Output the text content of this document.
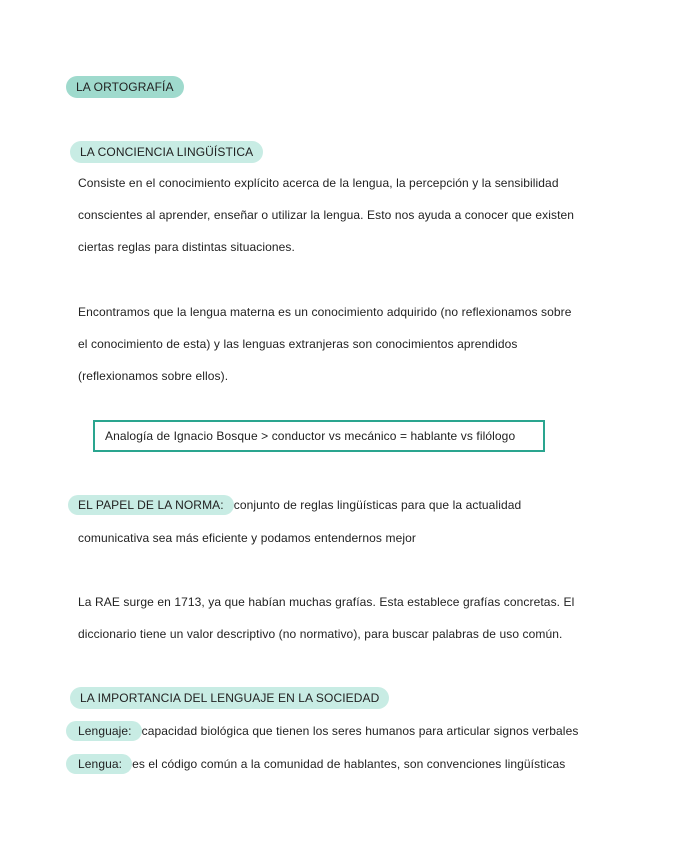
LA ORTOGRAFÍA
LA CONCIENCIA LINGÜÍSTICA
Consiste en el conocimiento explícito acerca de la lengua, la percepción y la sensibilidad
conscientes al aprender, enseñar o utilizar la lengua. Esto nos ayuda a conocer que existen
ciertas reglas para distintas situaciones.
Encontramos que la lengua materna es un conocimiento adquirido (no reflexionamos sobre
el conocimiento de esta) y las lenguas extranjeras son conocimientos aprendidos
(reflexionamos sobre ellos).
Analogía de Ignacio Bosque > conductor vs mecánico = hablante vs filólogo
EL PAPEL DE LA NORMA: conjunto de reglas lingüísticas para que la actualidad
comunicativa sea más eficiente y podamos entendernos mejor
La RAE surge en 1713, ya que habían muchas grafías. Esta establece grafías concretas. El
diccionario tiene un valor descriptivo (no normativo), para buscar palabras de uso común.
LA IMPORTANCIA DEL LENGUAJE EN LA SOCIEDAD
Lenguaje: capacidad biológica que tienen los seres humanos para articular signos verbales
Lengua: es el código común a la comunidad de hablantes, son convenciones lingüísticas
